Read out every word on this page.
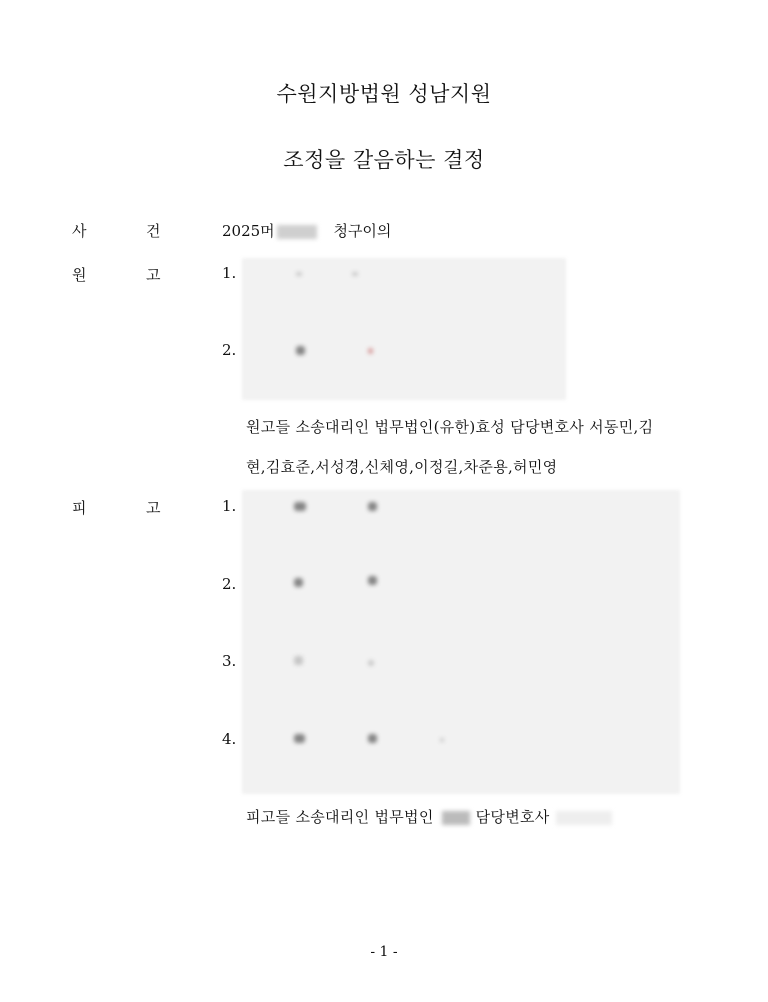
수원지방법원 성남지원
조정을 갈음하는 결정
사	건	2025머	청구이의
원	고	1.
2.
원고들 소송대리인 법무법인(유한)효성 담당변호사 서동민,김
현,김효준,서성경,신체영,이정길,차준용,허민영
피	고	1.
2.
3.
4.
피고들 소송대리인 법무법인	담당변호사
- 1 -
